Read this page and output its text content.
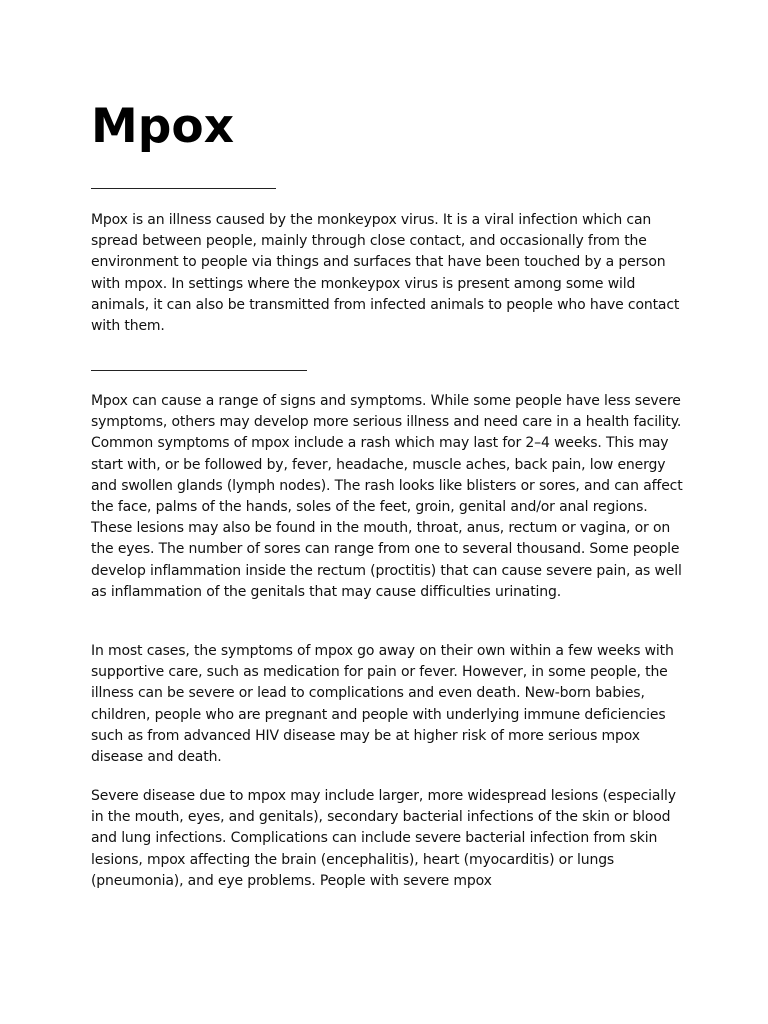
Mpox

Mpox is an illness caused by the monkeypox virus. It is a viral infection which can spread between people, mainly through close contact, and occasionally from the environment to people via things and surfaces that have been touched by a person with mpox. In settings where the monkeypox virus is present among some wild animals, it can also be transmitted from infected animals to people who have contact with them.

Mpox can cause a range of signs and symptoms. While some people have less severe symptoms, others may develop more serious illness and need care in a health facility. Common symptoms of mpox include a rash which may last for 2–4 weeks. This may start with, or be followed by, fever, headache, muscle aches, back pain, low energy and swollen glands (lymph nodes). The rash looks like blisters or sores, and can affect the face, palms of the hands, soles of the feet, groin, genital and/or anal regions. These lesions may also be found in the mouth, throat, anus, rectum or vagina, or on the eyes. The number of sores can range from one to several thousand. Some people develop inflammation inside the rectum (proctitis) that can cause severe pain, as well as inflammation of the genitals that may cause difficulties urinating.

In most cases, the symptoms of mpox go away on their own within a few weeks with supportive care, such as medication for pain or fever. However, in some people, the illness can be severe or lead to complications and even death. New-born babies, children, people who are pregnant and people with underlying immune deficiencies such as from advanced HIV disease may be at higher risk of more serious mpox disease and death.

Severe disease due to mpox may include larger, more widespread lesions (especially in the mouth, eyes, and genitals), secondary bacterial infections of the skin or blood and lung infections. Complications can include severe bacterial infection from skin lesions, mpox affecting the brain (encephalitis), heart (myocarditis) or lungs (pneumonia), and eye problems. People with severe mpox
